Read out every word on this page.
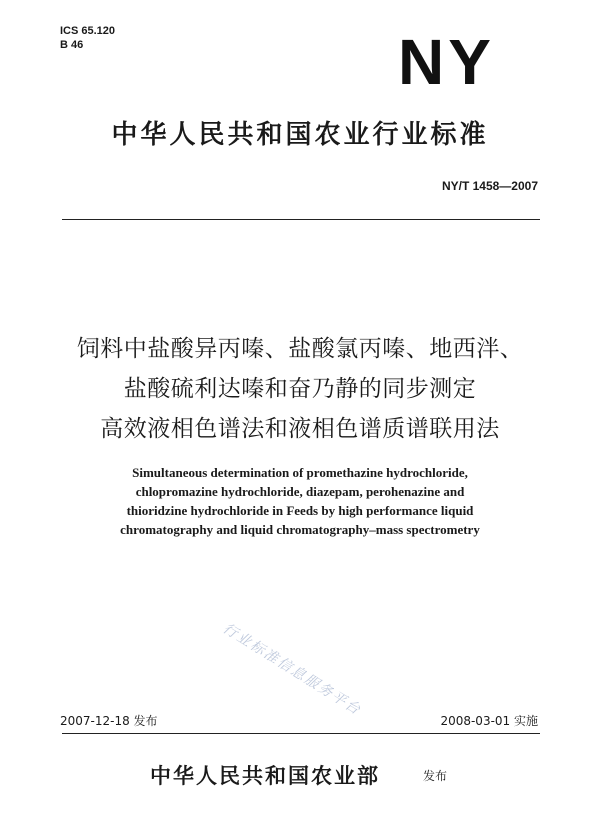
ICS 65.120
B 46	NY
中华人民共和国农业行业标准
NY/T 1458—2007
饲料中盐酸异丙嗪、盐酸氯丙嗪、地西泮、
盐酸硫利达嗪和奋乃静的同步测定
高效液相色谱法和液相色谱质谱联用法
Simultaneous determination of promethazine hydrochloride,
chlopromazine hydrochloride, diazepam, perohenazine and
thioridzine hydrochloride in Feeds by high performance liquid
chromatography and liquid chromatography–mass spectrometry
行业标准信息服务平台
2007-12-18 发布	2008-03-01 实施
中华人民共和国农业部	发布
